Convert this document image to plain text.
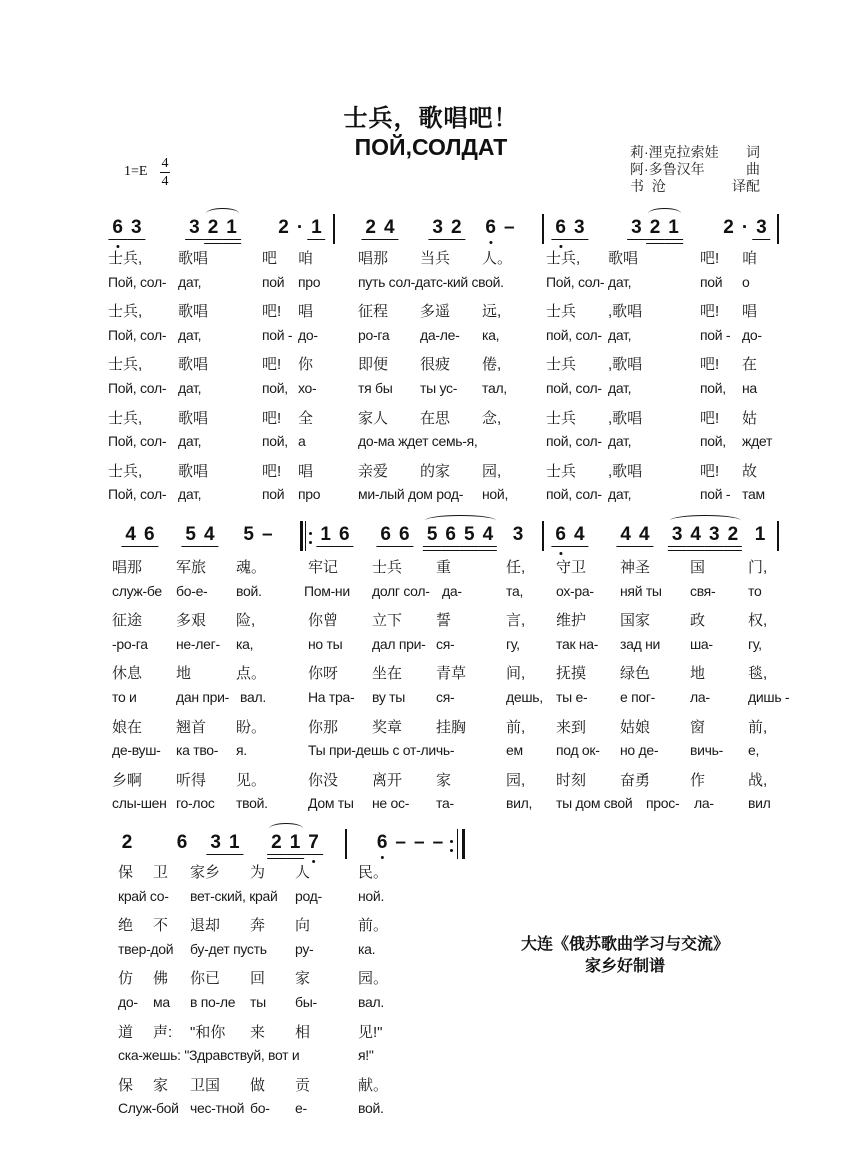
士兵，歌唱吧！
ПОЙ,СОЛДАТ
1=E
4
4
莉·浬克拉索娃 词
阿·多鲁汉年	曲
书  沧	译配
大连《俄苏歌曲学习与交流》
家乡好制谱
6 3	3 2 1 2 · 1 2 4 3 2 6 – 6 3 3 2 1 2 · 3
士兵, 歌唱	吧 咱	唱那 当兵 人。 士兵, 歌唱	吧! 咱
Пой, сол- дат,	пой про	путь сол-датс-кий свой.	Пой, сол- дат,	пой о
士兵, 歌唱	吧! 唱	征程 多遥 远,	士兵 ,歌唱	吧! 唱
Пой, сол- дат,	пой - до-	ро-га да-ле- ка,	пой, сол- дат,	пой - до-
士兵, 歌唱	吧! 你	即便 很疲 倦,	士兵 ,歌唱	吧! 在
Пой, сол- дат,	пой, хо-	тя бы ты ус- тал,	пой, сол- дат,	пой, на
士兵, 歌唱	吧! 全	家人 在思 念,	士兵 ,歌唱	吧! 姑
Пой, сол- дат,	пой, а	до-ма ждет семь-я,	пой, сол- дат,	пой, ждет
士兵, 歌唱	吧! 唱	亲爱 的家 园,	士兵 ,歌唱	吧! 故
Пой, сол- дат,	пой про	ми-лый дом род- ной,	пой, сол- дат,	пой - там
4 6 5 4 5 –	1 6 6 6 5 6 5 4 3 6 4 4 4 3 4 3 2 1
唱那 军旅 魂。	牢记 士兵 重	任, 守卫 神圣	国	门,
служ-бе бо-е- вой.	Пом-ни долг сол- да-	та, ох-ра- няй ты свя- то
征途 多艰 险,	你曾 立下 誓	言, 维护 国家	政	权,
-ро-га не-лег- ка,	но ты дал при- ся-	гу,	так на- зад ни ша-	гу,
休息 地	点。	你呀 坐在 青草	间, 抚摸 绿色	地	毯,
то и	дан при- вал.	На тра- ву ты ся-	дешь, ты е- е пог- ла-	дишь -
娘在 翘首 盼。	你那 奖章 挂胸	前, 来到 姑娘	窗	前,
де-вуш- ка тво- я.	Ты при-дешь с от-личь-	ем под ок- но де- вичь- е,
乡啊 听得 见。	你没 离开 家	园, 时刻 奋勇	作	战,
слы-шен го-лос твой.	Дом ты не ос- та-	вил, ты дом свой прос- ла- вил
2 6 3 1 2 1 7	6 – – –
保 卫 家乡 为 人	民。
край со- вет-ский, край род-	ной.
绝 不 退却 奔 向	前。
твер-дой бу-дет пусть ру-	ка.
仿 佛 你已 回 家	园。
до- ма в по-ле ты бы-	вал.
道 声: "和你 来 相	见!"
ска-жешь: "Здравствуй, вот и	я!"
保 家 卫国 做 贡	献。
Служ-бой чес-тной бо- е-	вой.
